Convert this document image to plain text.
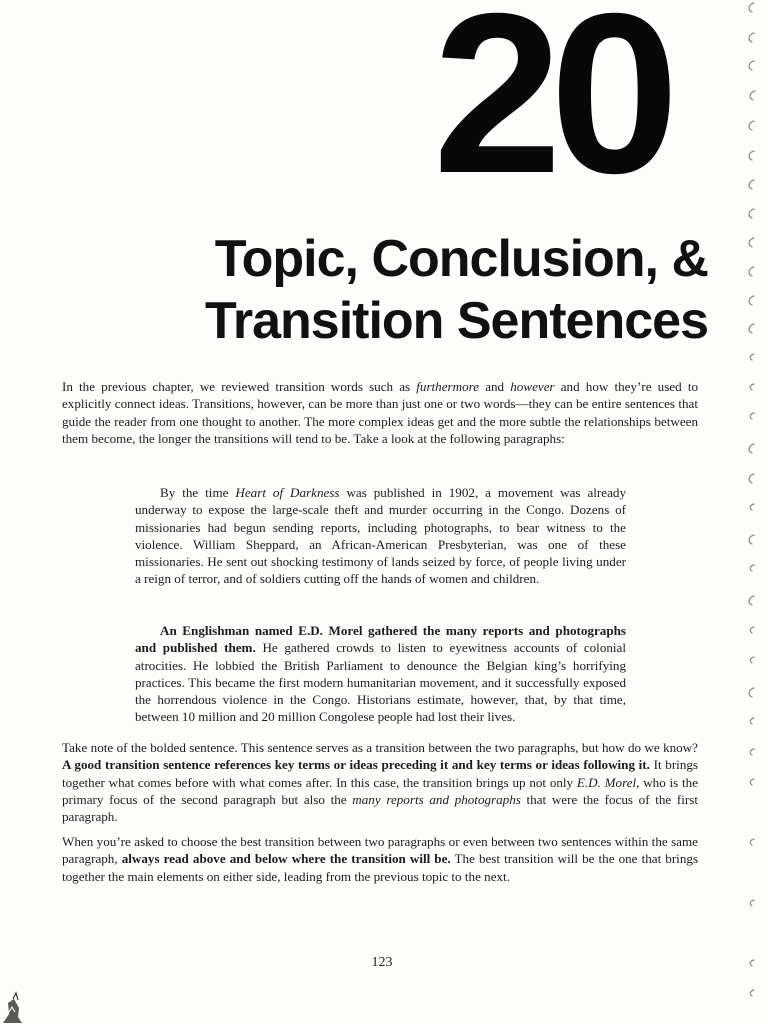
20
Topic, Conclusion, &
Transition Sentences

In the previous chapter, we reviewed transition words such as furthermore and however and how they’re used to explicitly connect ideas. Transitions, however, can be more than just one or two words—they can be entire sentences that guide the reader from one thought to another. The more complex ideas get and the more subtle the relationships between them become, the longer the transitions will tend to be. Take a look at the following paragraphs:

By the time Heart of Darkness was published in 1902, a movement was already underway to expose the large-scale theft and murder occurring in the Congo. Dozens of missionaries had begun sending reports, including photographs, to bear witness to the violence. William Sheppard, an African-American Presbyterian, was one of these missionaries. He sent out shocking testimony of lands seized by force, of people living under a reign of terror, and of soldiers cutting off the hands of women and children.

An Englishman named E.D. Morel gathered the many reports and photographs and published them. He gathered crowds to listen to eyewitness accounts of colonial atrocities. He lobbied the British Parliament to denounce the Belgian king’s horrifying practices. This became the first modern humanitarian movement, and it successfully exposed the horrendous violence in the Congo. Historians estimate, however, that, by that time, between 10 million and 20 million Congolese people had lost their lives.

Take note of the bolded sentence. This sentence serves as a transition between the two paragraphs, but how do we know? A good transition sentence references key terms or ideas preceding it and key terms or ideas following it. It brings together what comes before with what comes after. In this case, the transition brings up not only E.D. Morel, who is the primary focus of the second paragraph but also the many reports and photographs that were the focus of the first paragraph.

When you’re asked to choose the best transition between two paragraphs or even between two sentences within the same paragraph, always read above and below where the transition will be. The best transition will be the one that brings together the main elements on either side, leading from the previous topic to the next.

123
